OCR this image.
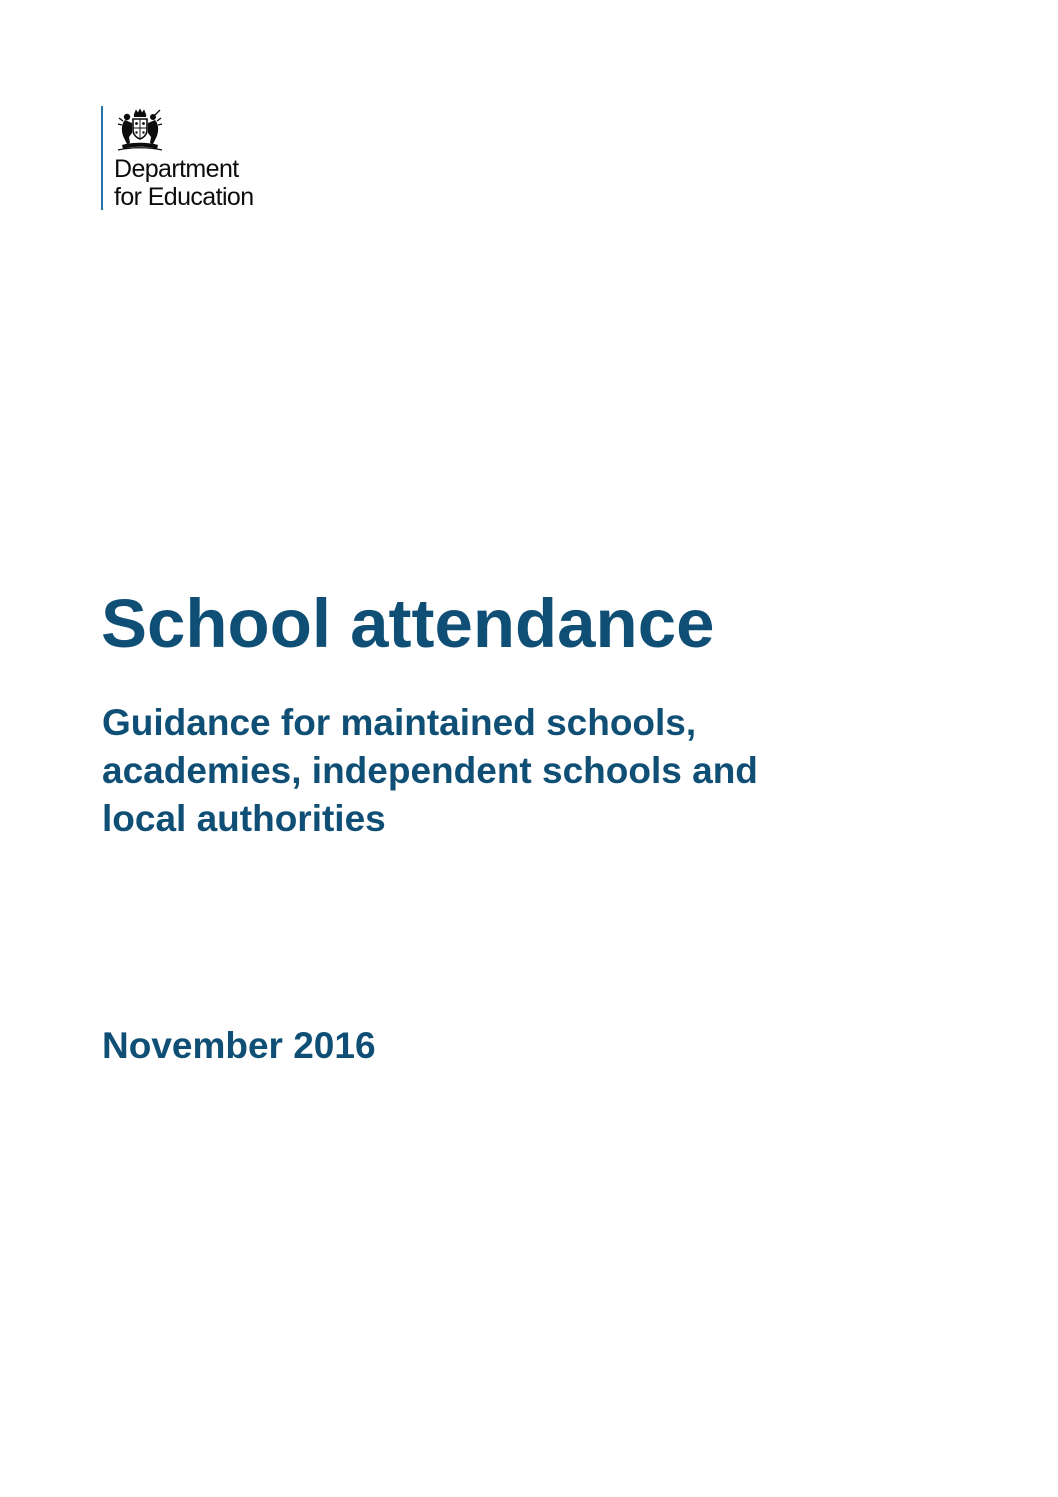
Department
for Education
School attendance
Guidance for maintained schools,
academies, independent schools and
local authorities

November 2016
